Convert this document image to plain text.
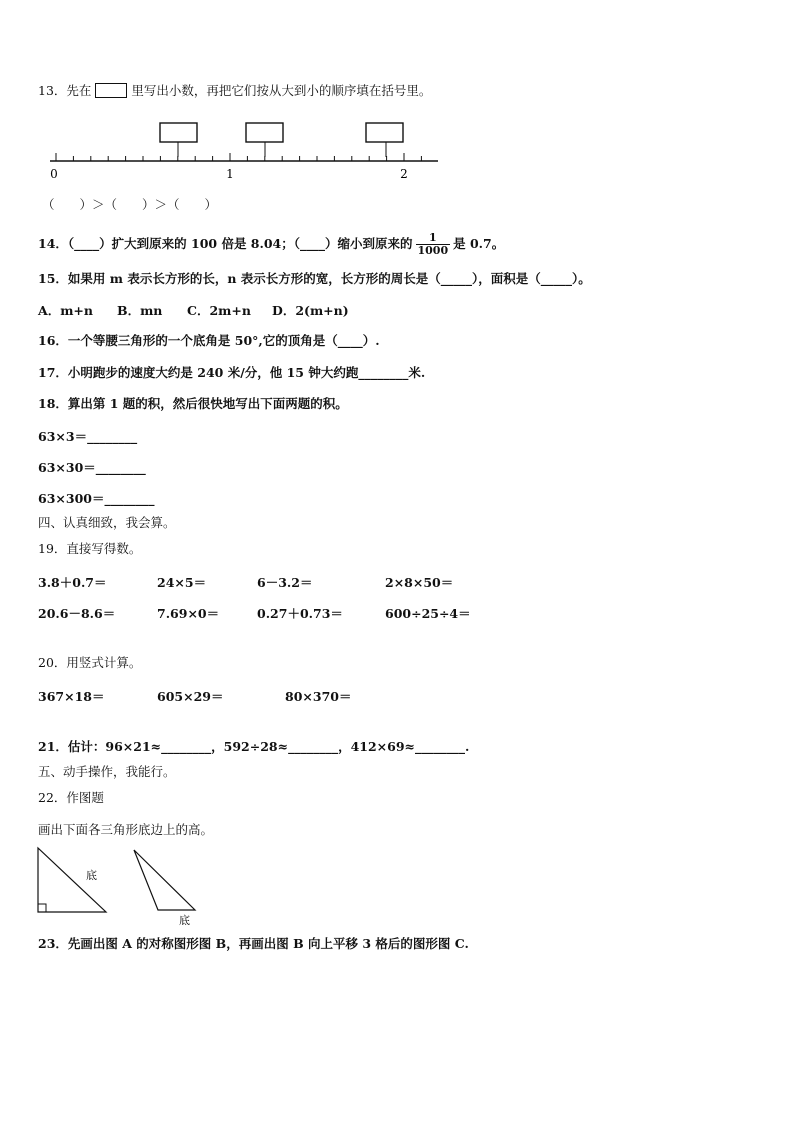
13．先在	里写出小数，再把它们按从大到小的顺序填在括号里。
0	1	2
（　　）＞（　　）＞（　　）
14．（____）扩大到原来的 100 倍是 8.04；（____）缩小到原来的 $\frac{1}{1000}$ 是 0.7。
15．如果用 m 表示长方形的长，n 表示长方形的宽，长方形的周长是（_____），面积是（_____）。
A．m+n B．mn C．2m+n D．2(m+n)
16．一个等腰三角形的一个底角是 50°,它的顶角是（____）.
17．小明跑步的速度大约是 240 米/分，他 15 钟大约跑________米.
18．算出第 1 题的积，然后很快地写出下面两题的积。
63×3＝________
63×30＝________
63×300＝________
四、认真细致，我会算。
19．直接写得数。
3.8＋0.7＝	24×5＝	6－3.2＝	2×8×50＝
20.6－8.6＝	7.69×0＝	0.27＋0.73＝	600÷25÷4＝
20．用竖式计算。
367×18＝	605×29＝	80×370＝
21．估计：96×21≈________，592÷28≈________，412×69≈________.
五、动手操作，我能行。
22．作图题
画出下面各三角形底边上的高。
底
底
23．先画出图 A 的对称图形图 B，再画出图 B 向上平移 3 格后的图形图 C.
